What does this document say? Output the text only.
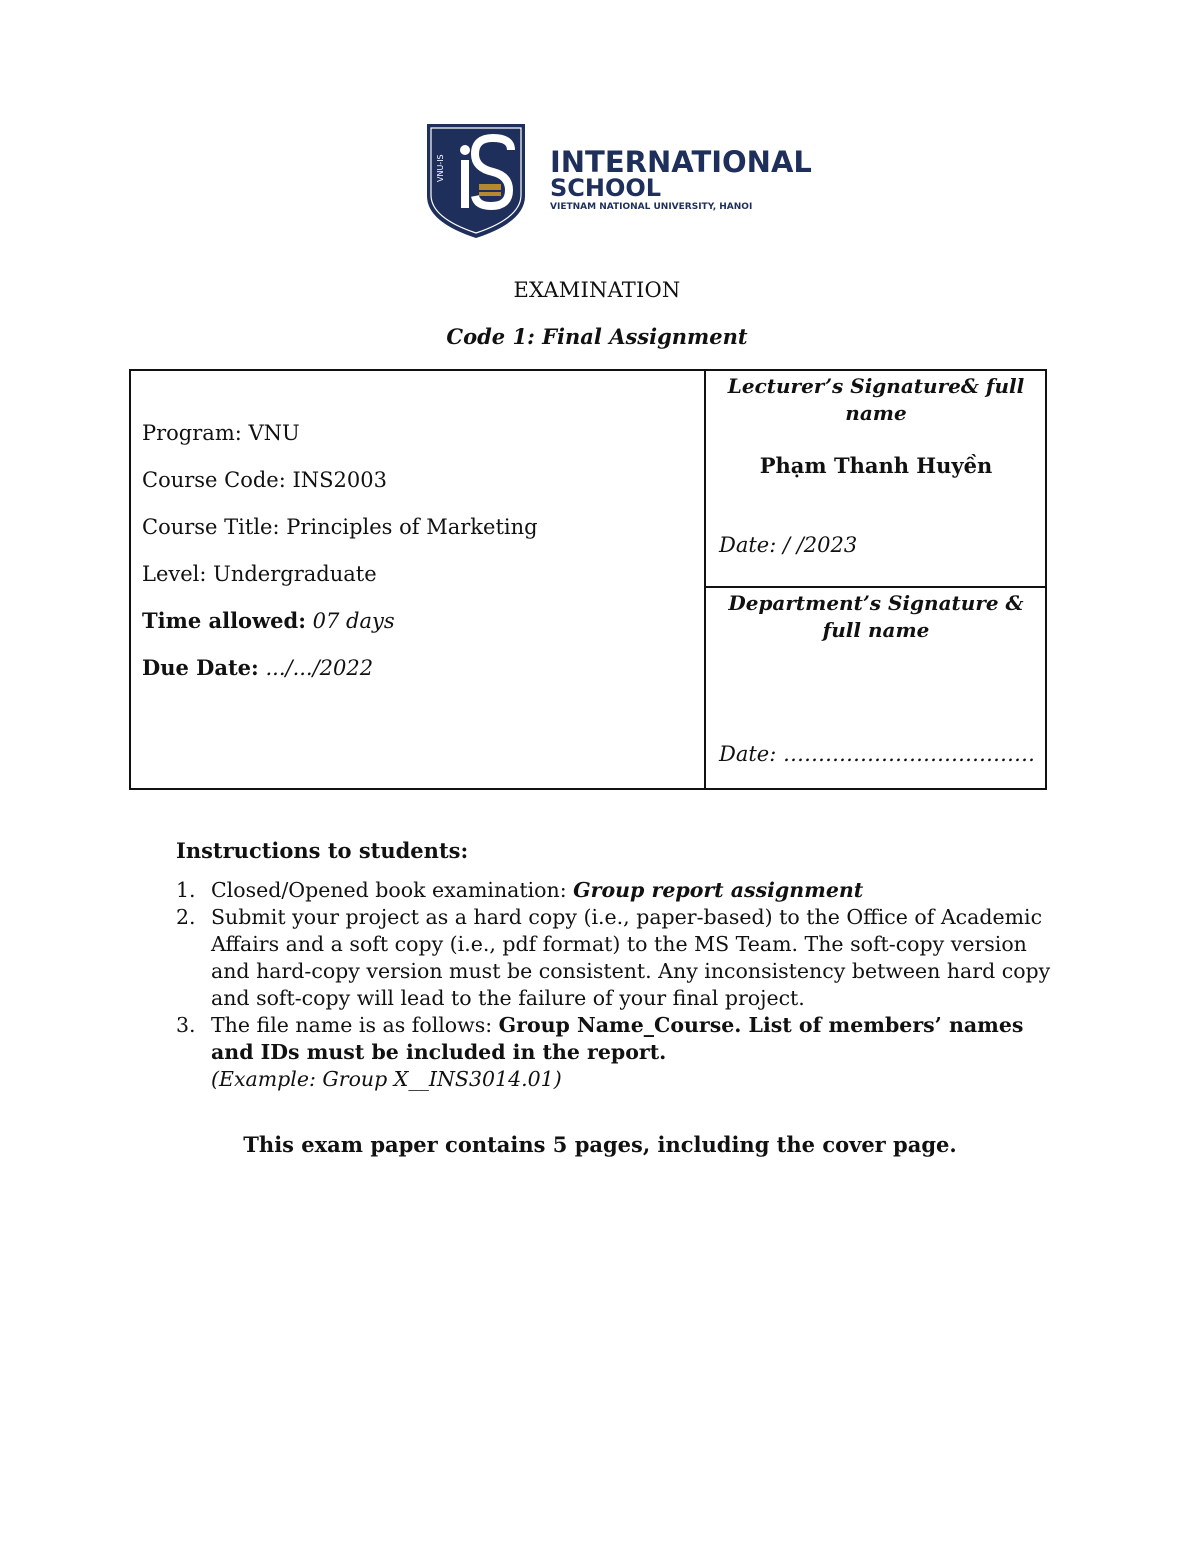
VNU-IS	INTERNATIONAL
SCHOOL
VIETNAM NATIONAL UNIVERSITY, HANOI
EXAMINATION
Code 1: Final Assignment
Program: VNU
Course Code: INS2003
Course Title: Principles of Marketing
Level: Undergraduate
Time allowed: 07 days
Due Date: .../.../2022
Lecturer’s Signature& full name
Phạm Thanh Huyền
Date: / /2023
Department’s Signature & full name
Date: ………………………………
Instructions to students:
1. Closed/Opened book examination: Group report assignment
2. Submit your project as a hard copy (i.e., paper-based) to the Office of Academic Affairs and a soft copy (i.e., pdf format) to the MS Team. The soft-copy version and hard-copy version must be consistent. Any inconsistency between hard copy and soft-copy will lead to the failure of your final project.
3. The file name is as follows: Group Name_Course. List of members’ names and IDs must be included in the report.
(Example: Group X__INS3014.01)
This exam paper contains 5 pages, including the cover page.
